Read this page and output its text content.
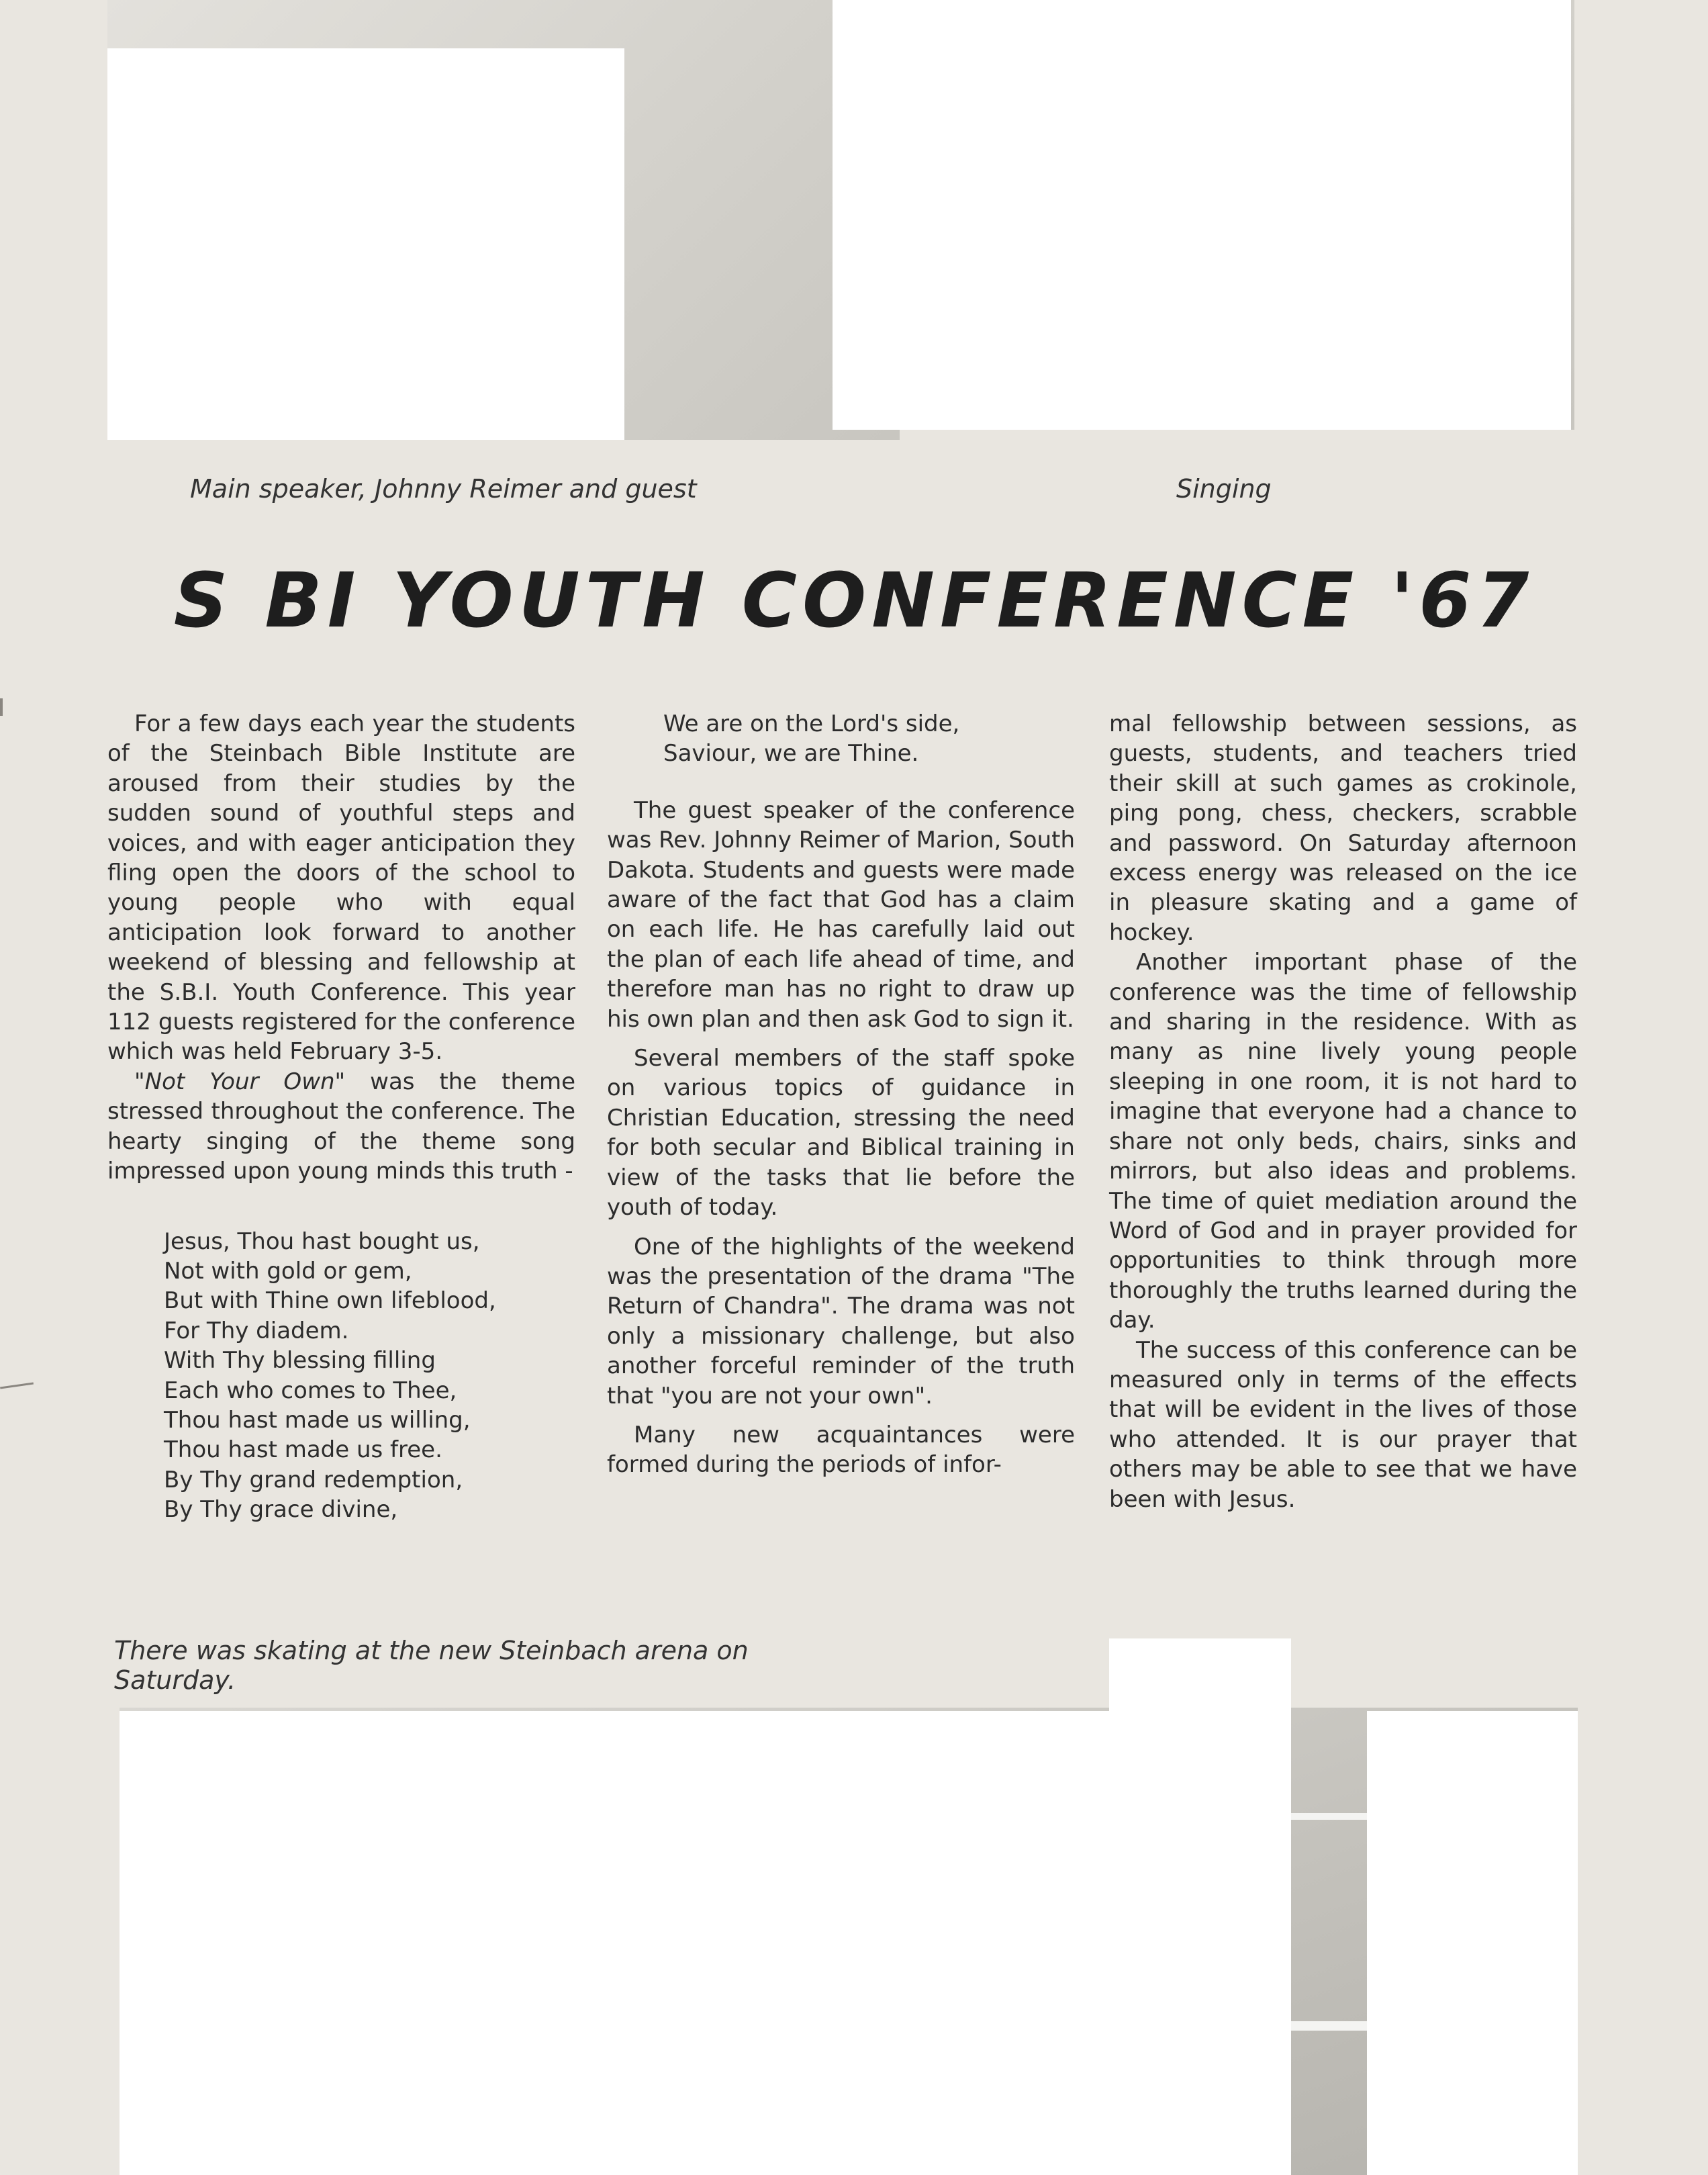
Main speaker, Johnny Reimer and guest	Singing
S BI YOUTH CONFERENCE '67

For a few days each year the students of the Steinbach Bible Institute are aroused from their studies by the sudden sound of youthful steps and voices, and with eager anticipation they fling open the doors of the school to young people who with equal anticipation look forward to another weekend of blessing and fellowship at the S.B.I. Youth Conference. This year 112 guests registered for the conference which was held February 3-5.

"Not Your Own" was the theme stressed throughout the conference. The hearty singing of the theme song impressed upon young minds this truth -

Jesus, Thou hast bought us,
Not with gold or gem,
But with Thine own lifeblood,
For Thy diadem.
With Thy blessing filling
Each who comes to Thee,
Thou hast made us willing,
Thou hast made us free.
By Thy grand redemption,
By Thy grace divine,
We are on the Lord's side,
Saviour, we are Thine.

The guest speaker of the conference was Rev. Johnny Reimer of Marion, South Dakota. Students and guests were made aware of the fact that God has a claim on each life. He has carefully laid out the plan of each life ahead of time, and therefore man has no right to draw up his own plan and then ask God to sign it.

Several members of the staff spoke on various topics of guidance in Christian Education, stressing the need for both secular and Biblical training in view of the tasks that lie before the youth of today.

One of the highlights of the weekend was the presentation of the drama "The Return of Chandra". The drama was not only a missionary challenge, but also another forceful reminder of the truth that "you are not your own".

Many new acquaintances were formed during the periods of infor-

mal fellowship between sessions, as guests, students, and teachers tried their skill at such games as crokinole, ping pong, chess, checkers, scrabble and password. On Saturday afternoon excess energy was released on the ice in pleasure skating and a game of hockey.

Another important phase of the conference was the time of fellowship and sharing in the residence. With as many as nine lively young people sleeping in one room, it is not hard to imagine that everyone had a chance to share not only beds, chairs, sinks and mirrors, but also ideas and problems. The time of quiet mediation around the Word of God and in prayer provided for opportunities to think through more thoroughly the truths learned during the day.

The success of this conference can be measured only in terms of the effects that will be evident in the lives of those who attended. It is our prayer that others may be able to see that we have been with Jesus.

There was skating at the new Steinbach arena on
Saturday.
